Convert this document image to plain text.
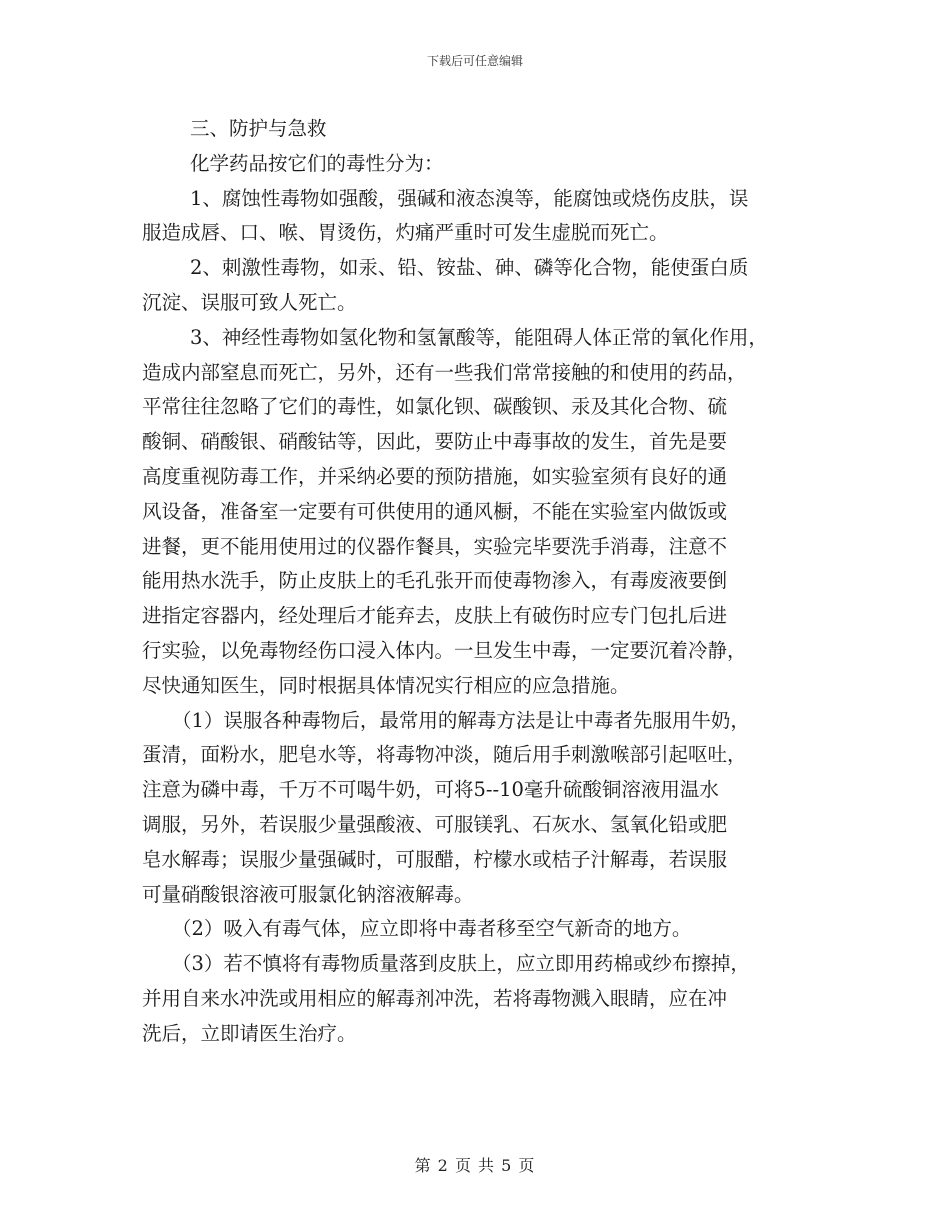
下载后可任意编辑
三、防护与急救
化学药品按它们的毒性分为：
1、腐蚀性毒物如强酸，强碱和液态溴等，能腐蚀或烧伤皮肤，误
服造成唇、口、喉、胃烫伤，灼痛严重时可发生虚脱而死亡。
2、刺激性毒物，如汞、铅、铵盐、砷、磷等化合物，能使蛋白质
沉淀、误服可致人死亡。
3、神经性毒物如氢化物和氢氰酸等，能阻碍人体正常的氧化作用，
造成内部窒息而死亡，另外，还有一些我们常常接触的和使用的药品，
平常往往忽略了它们的毒性，如氯化钡、碳酸钡、汞及其化合物、硫
酸铜、硝酸银、硝酸钴等，因此，要防止中毒事故的发生，首先是要
高度重视防毒工作，并采纳必要的预防措施，如实验室须有良好的通
风设备，准备室一定要有可供使用的通风橱，不能在实验室内做饭或
进餐，更不能用使用过的仪器作餐具，实验完毕要洗手消毒，注意不
能用热水洗手，防止皮肤上的毛孔张开而使毒物渗入，有毒废液要倒
进指定容器内，经处理后才能弃去，皮肤上有破伤时应专门包扎后进
行实验，以免毒物经伤口浸入体内。一旦发生中毒，一定要沉着冷静，
尽快通知医生，同时根据具体情况实行相应的应急措施。
（1）误服各种毒物后，最常用的解毒方法是让中毒者先服用牛奶，
蛋清，面粉水，肥皂水等，将毒物冲淡，随后用手刺激喉部引起呕吐，
注意为磷中毒，千万不可喝牛奶，可将5--10毫升硫酸铜溶液用温水
调服，另外，若误服少量强酸液、可服镁乳、石灰水、氢氧化铅或肥
皂水解毒；误服少量强碱时，可服醋，柠檬水或桔子汁解毒，若误服
可量硝酸银溶液可服氯化钠溶液解毒。
（2）吸入有毒气体，应立即将中毒者移至空气新奇的地方。
（3）若不慎将有毒物质量落到皮肤上，应立即用药棉或纱布擦掉，
并用自来水冲洗或用相应的解毒剂冲洗，若将毒物溅入眼睛，应在冲
洗后，立即请医生治疗。
第 2 页 共 5 页
